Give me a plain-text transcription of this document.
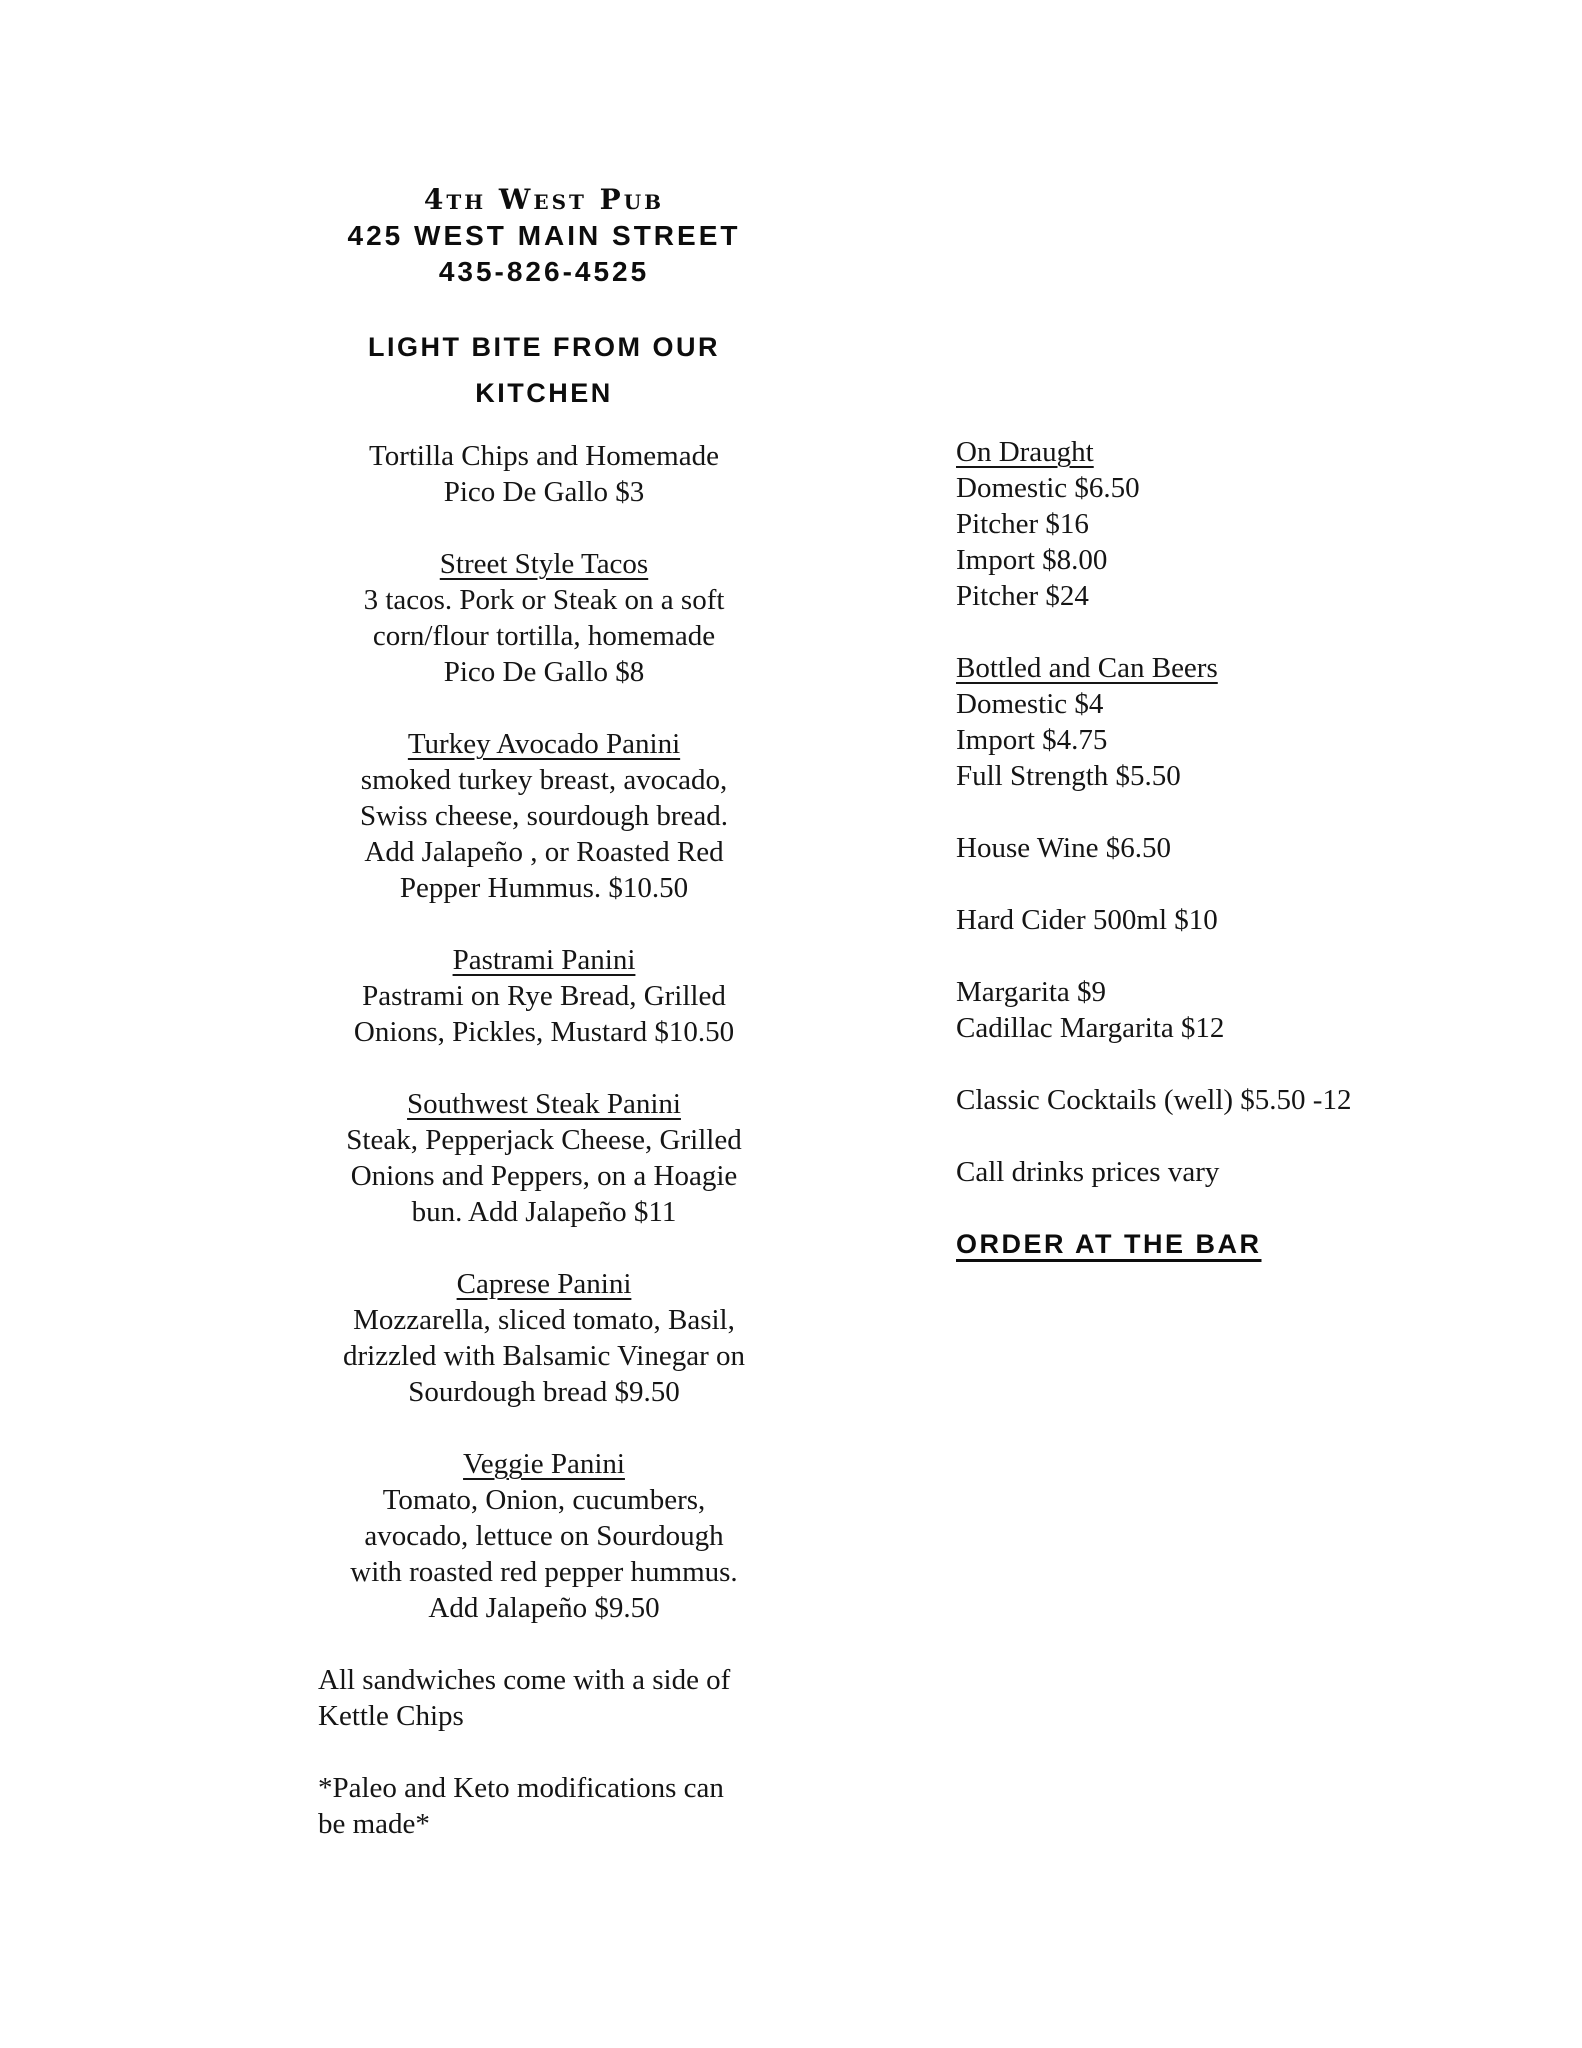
4th West Pub
425 WEST MAIN STREET
435-826-4525
LIGHT BITE FROM OUR
KITCHEN
Tortilla Chips and Homemade
Pico De Gallo $3
Street Style Tacos
3 tacos. Pork or Steak on a soft
corn/flour tortilla, homemade
Pico De Gallo $8
Turkey Avocado Panini
smoked turkey breast, avocado,
Swiss cheese, sourdough bread.
Add Jalapeño , or Roasted Red
Pepper Hummus. $10.50
Pastrami Panini
Pastrami on Rye Bread, Grilled
Onions, Pickles, Mustard $10.50
Southwest Steak Panini
Steak, Pepperjack Cheese, Grilled
Onions and Peppers, on a Hoagie
bun. Add Jalapeño $11
Caprese Panini
Mozzarella, sliced tomato, Basil,
drizzled with Balsamic Vinegar on
Sourdough bread $9.50
Veggie Panini
Tomato, Onion, cucumbers,
avocado, lettuce on Sourdough
with roasted red pepper hummus.
Add Jalapeño $9.50
All sandwiches come with a side of
Kettle Chips
*Paleo and Keto modifications can
be made*
On Draught
Domestic $6.50
Pitcher $16
Import $8.00
Pitcher $24
Bottled and Can Beers
Domestic $4
Import $4.75
Full Strength $5.50
House Wine $6.50
Hard Cider 500ml $10
Margarita $9
Cadillac Margarita $12
Classic Cocktails (well) $5.50 -12
Call drinks prices vary
ORDER AT THE BAR
